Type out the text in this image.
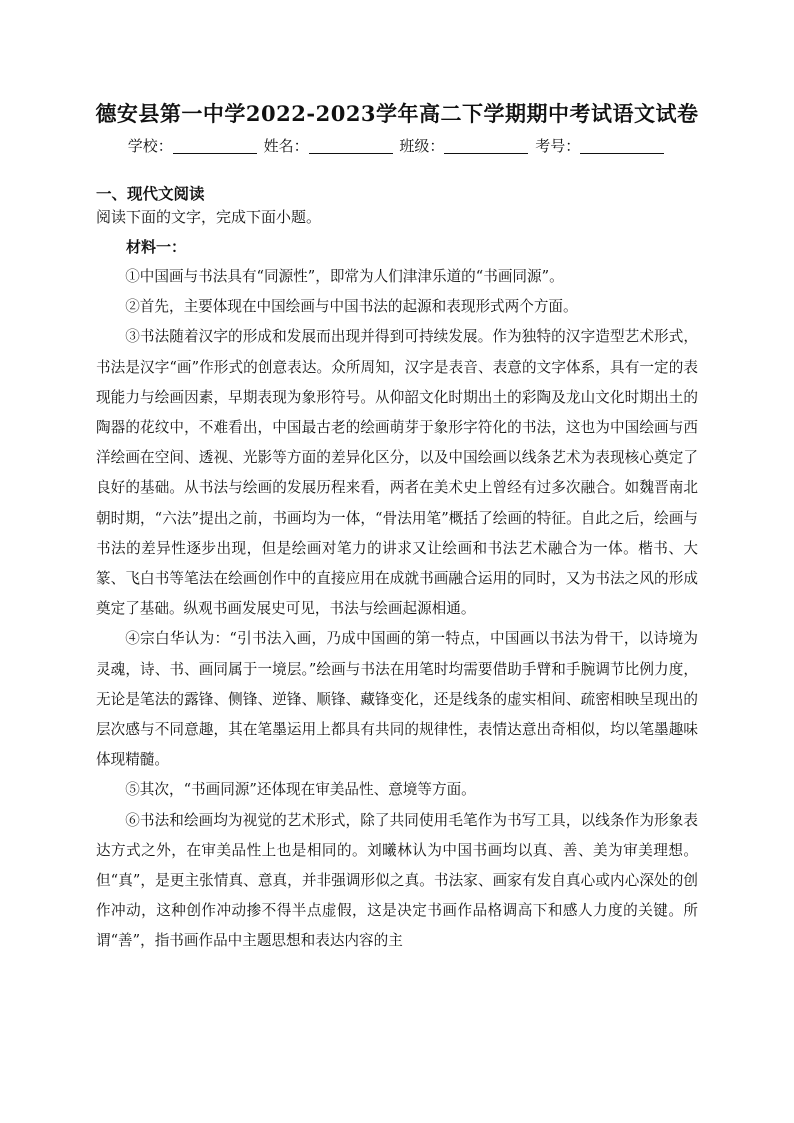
德安县第一中学2022-2023学年高二下学期期中考试语文试卷
学校：	姓名：	班级：	考号：
一、现代文阅读
阅读下面的文字，完成下面小题。
材料一：

①中国画与书法具有“同源性”，即常为人们津津乐道的“书画同源”。

②首先，主要体现在中国绘画与中国书法的起源和表现形式两个方面。

③书法随着汉字的形成和发展而出现并得到可持续发展。作为独特的汉字造型艺术形式，书法是汉字“画”作形式的创意表达。众所周知，汉字是表音、表意的文字体系，具有一定的表现能力与绘画因素，早期表现为象形符号。从仰韶文化时期出土的彩陶及龙山文化时期出土的陶器的花纹中，不难看出，中国最古老的绘画萌芽于象形字符化的书法，这也为中国绘画与西洋绘画在空间、透视、光影等方面的差异化区分，以及中国绘画以线条艺术为表现核心奠定了良好的基础。从书法与绘画的发展历程来看，两者在美术史上曾经有过多次融合。如魏晋南北朝时期，“六法”提出之前，书画均为一体，“骨法用笔”概括了绘画的特征。自此之后，绘画与书法的差异性逐步出现，但是绘画对笔力的讲求又让绘画和书法艺术融合为一体。楷书、大篆、飞白书等笔法在绘画创作中的直接应用在成就书画融合运用的同时，又为书法之风的形成奠定了基础。纵观书画发展史可见，书法与绘画起源相通。

④宗白华认为：“引书法入画，乃成中国画的第一特点，中国画以书法为骨干，以诗境为灵魂，诗、书、画同属于一境层。”绘画与书法在用笔时均需要借助手臂和手腕调节比例力度，无论是笔法的露锋、侧锋、逆锋、顺锋、藏锋变化，还是线条的虚实相间、疏密相映呈现出的层次感与不同意趣，其在笔墨运用上都具有共同的规律性，表情达意出奇相似，均以笔墨趣味体现精髓。

⑤其次，“书画同源”还体现在审美品性、意境等方面。

⑥书法和绘画均为视觉的艺术形式，除了共同使用毛笔作为书写工具，以线条作为形象表达方式之外，在审美品性上也是相同的。刘曦林认为中国书画均以真、善、美为审美理想。但“真”，是更主张情真、意真，并非强调形似之真。书法家、画家有发自真心或内心深处的创作冲动，这种创作冲动掺不得半点虚假，这是决定书画作品格调高下和感人力度的关键。所谓“善”，指书画作品中主题思想和表达内容的主
